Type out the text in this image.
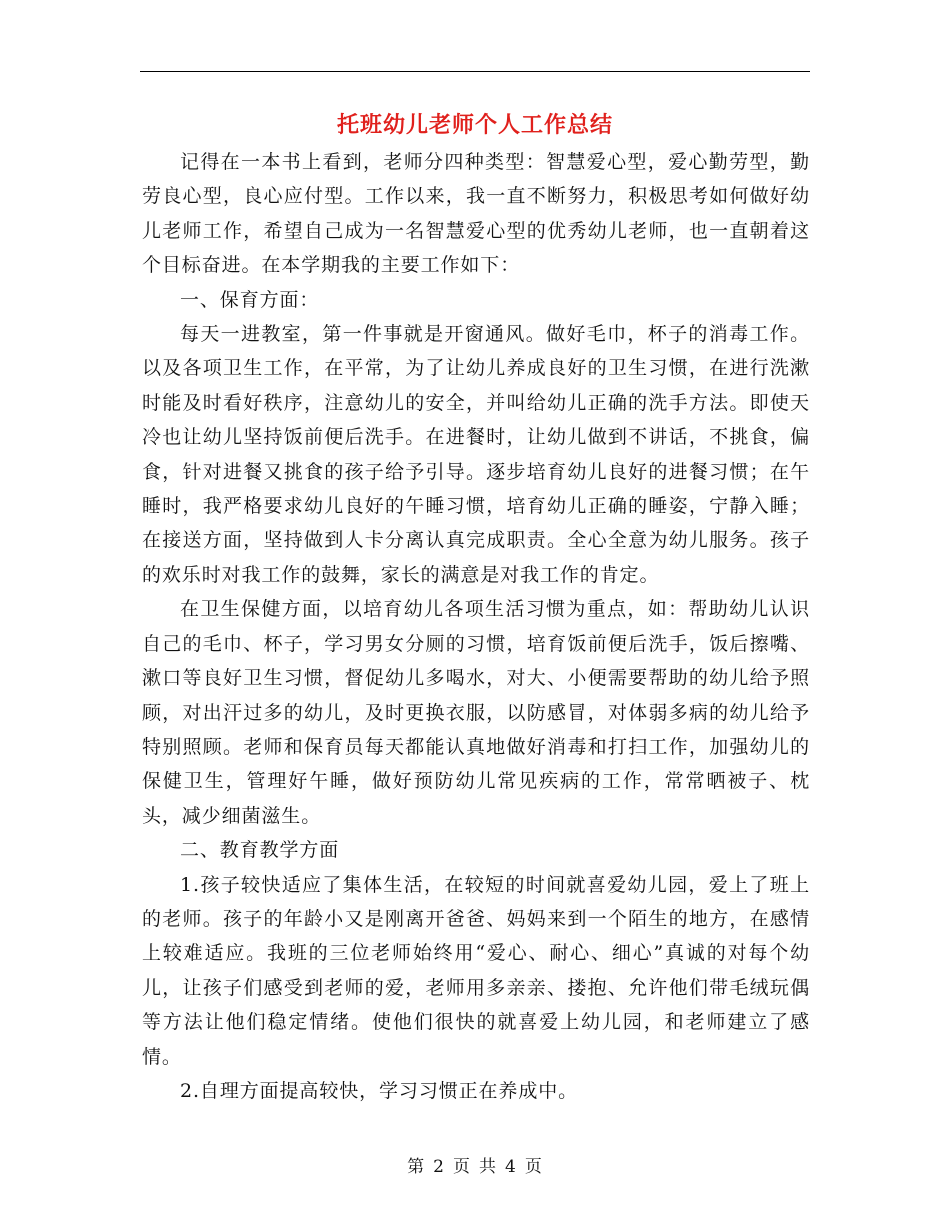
托班幼儿老师个人工作总结

记得在一本书上看到，老师分四种类型：智慧爱心型，爱心勤劳型，勤劳良心型，良心应付型。工作以来，我一直不断努力，积极思考如何做好幼儿老师工作，希望自己成为一名智慧爱心型的优秀幼儿老师，也一直朝着这个目标奋进。在本学期我的主要工作如下：

一、保育方面：

每天一进教室，第一件事就是开窗通风。做好毛巾，杯子的消毒工作。以及各项卫生工作，在平常，为了让幼儿养成良好的卫生习惯，在进行洗漱时能及时看好秩序，注意幼儿的安全，并叫给幼儿正确的洗手方法。即使天冷也让幼儿坚持饭前便后洗手。在进餐时，让幼儿做到不讲话，不挑食，偏食，针对进餐又挑食的孩子给予引导。逐步培育幼儿良好的进餐习惯；在午睡时，我严格要求幼儿良好的午睡习惯，培育幼儿正确的睡姿，宁静入睡；在接送方面，坚持做到人卡分离认真完成职责。全心全意为幼儿服务。孩子的欢乐时对我工作的鼓舞，家长的满意是对我工作的肯定。

在卫生保健方面，以培育幼儿各项生活习惯为重点，如：帮助幼儿认识自己的毛巾、杯子，学习男女分厕的习惯，培育饭前便后洗手，饭后擦嘴、漱口等良好卫生习惯，督促幼儿多喝水，对大、小便需要帮助的幼儿给予照顾，对出汗过多的幼儿，及时更换衣服，以防感冒，对体弱多病的幼儿给予特别照顾。老师和保育员每天都能认真地做好消毒和打扫工作，加强幼儿的保健卫生，管理好午睡，做好预防幼儿常见疾病的工作，常常晒被子、枕头，减少细菌滋生。

二、教育教学方面

1.孩子较快适应了集体生活，在较短的时间就喜爱幼儿园，爱上了班上的老师。孩子的年龄小又是刚离开爸爸、妈妈来到一个陌生的地方，在感情上较难适应。我班的三位老师始终用“爱心、耐心、细心”真诚的对每个幼儿，让孩子们感受到老师的爱，老师用多亲亲、搂抱、允许他们带毛绒玩偶等方法让他们稳定情绪。使他们很快的就喜爱上幼儿园，和老师建立了感情。

2.自理方面提高较快，学习习惯正在养成中。

第 2 页 共 4 页
